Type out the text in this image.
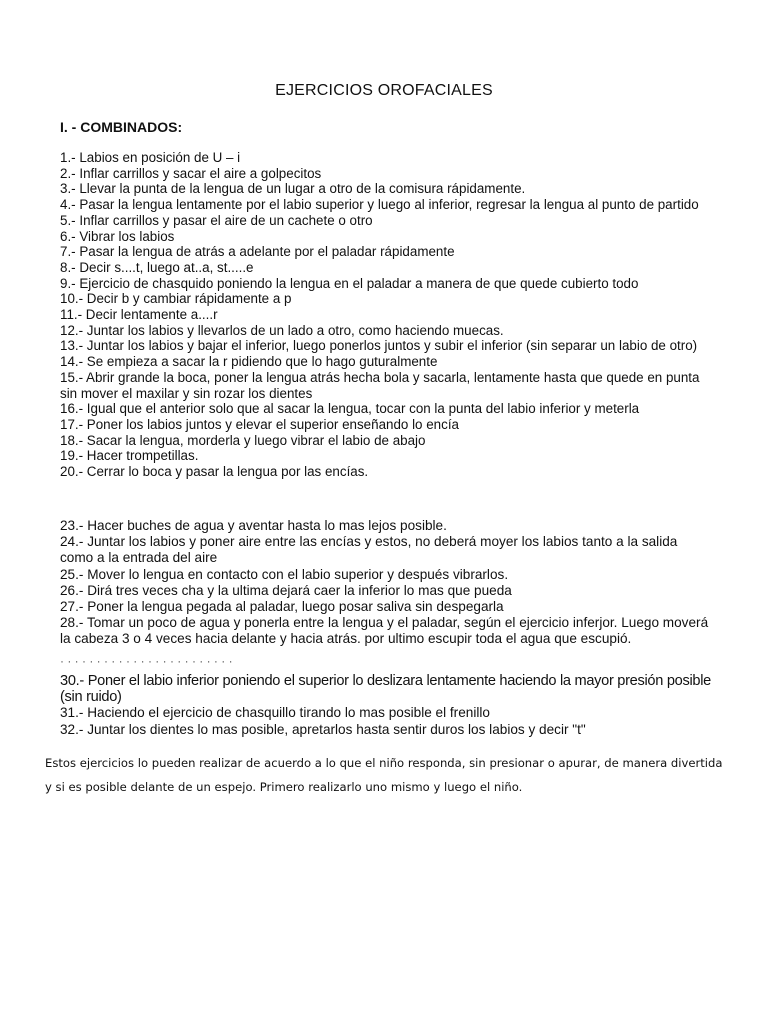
EJERCICIOS OROFACIALES
I. - COMBINADOS:
1.- Labios en posición de U – i
2.- Inflar carrillos y sacar el aire a golpecitos
3.- Llevar la punta de la lengua de un lugar a otro de la comisura rápidamente.
4.- Pasar la lengua lentamente por el labio superior y luego al inferior, regresar la lengua al punto de partido
5.- Inflar carrillos y pasar el aire de un cachete o otro
6.- Vibrar los labios
7.- Pasar la lengua de atrás a adelante por el paladar rápidamente
8.- Decir s....t, luego at..a, st.....e
9.- Ejercicio de chasquido poniendo la lengua en el paladar a manera de que quede cubierto todo
10.- Decir b y cambiar rápidamente a p
11.- Decir lentamente a....r
12.- Juntar los labios y llevarlos de un lado a otro, como haciendo muecas.
13.- Juntar los labios y bajar el inferior, luego ponerlos juntos y subir el inferior (sin separar un labio de otro)
14.- Se empieza a sacar la r pidiendo que lo hago guturalmente
15.- Abrir grande la boca, poner la lengua atrás hecha bola y sacarla, lentamente hasta que quede en punta sin mover el maxilar y sin rozar los dientes
16.- Igual que el anterior solo que al sacar la lengua, tocar con la punta del labio inferior y meterla
17.- Poner los labios juntos y elevar el superior enseñando lo encía
18.- Sacar la lengua, morderla y luego vibrar el labio de abajo
19.- Hacer trompetillas.
20.- Cerrar lo boca y pasar la lengua por las encías.
23.- Hacer buches de agua y aventar hasta lo mas lejos posible.
24.- Juntar los labios y poner aire entre las encías y estos, no deberá moyer los labios tanto a la salida como a la entrada del aire
25.- Mover lo lengua en contacto con el labio superior y después vibrarlos.
26.- Dirá tres veces cha y la ultima dejará caer la inferior lo mas que pueda
27.- Poner la lengua pegada al paladar, luego posar saliva sin despegarla
28.- Tomar un poco de agua y ponerla entre la lengua y el paladar, según el ejercicio inferjor. Luego moverá la cabeza 3 o 4 veces hacia delante y hacia atrás. por ultimo escupir toda el agua que escupió.
· · · · · · · · · · · · · · · · · · · · · · · ·
30.- Poner el labio inferior poniendo el superior lo deslizara lentamente haciendo la mayor presión posible (sin ruido)
31.- Haciendo el ejercicio de chasquillo tirando lo mas posible el frenillo
32.- Juntar los dientes lo mas posible, apretarlos hasta sentir duros los labios y decir "t"
Estos ejercicios lo pueden realizar de acuerdo a lo que el niño responda, sin presionar o apurar, de manera divertida y si es posible delante de un espejo. Primero realizarlo uno mismo y luego el niño.
